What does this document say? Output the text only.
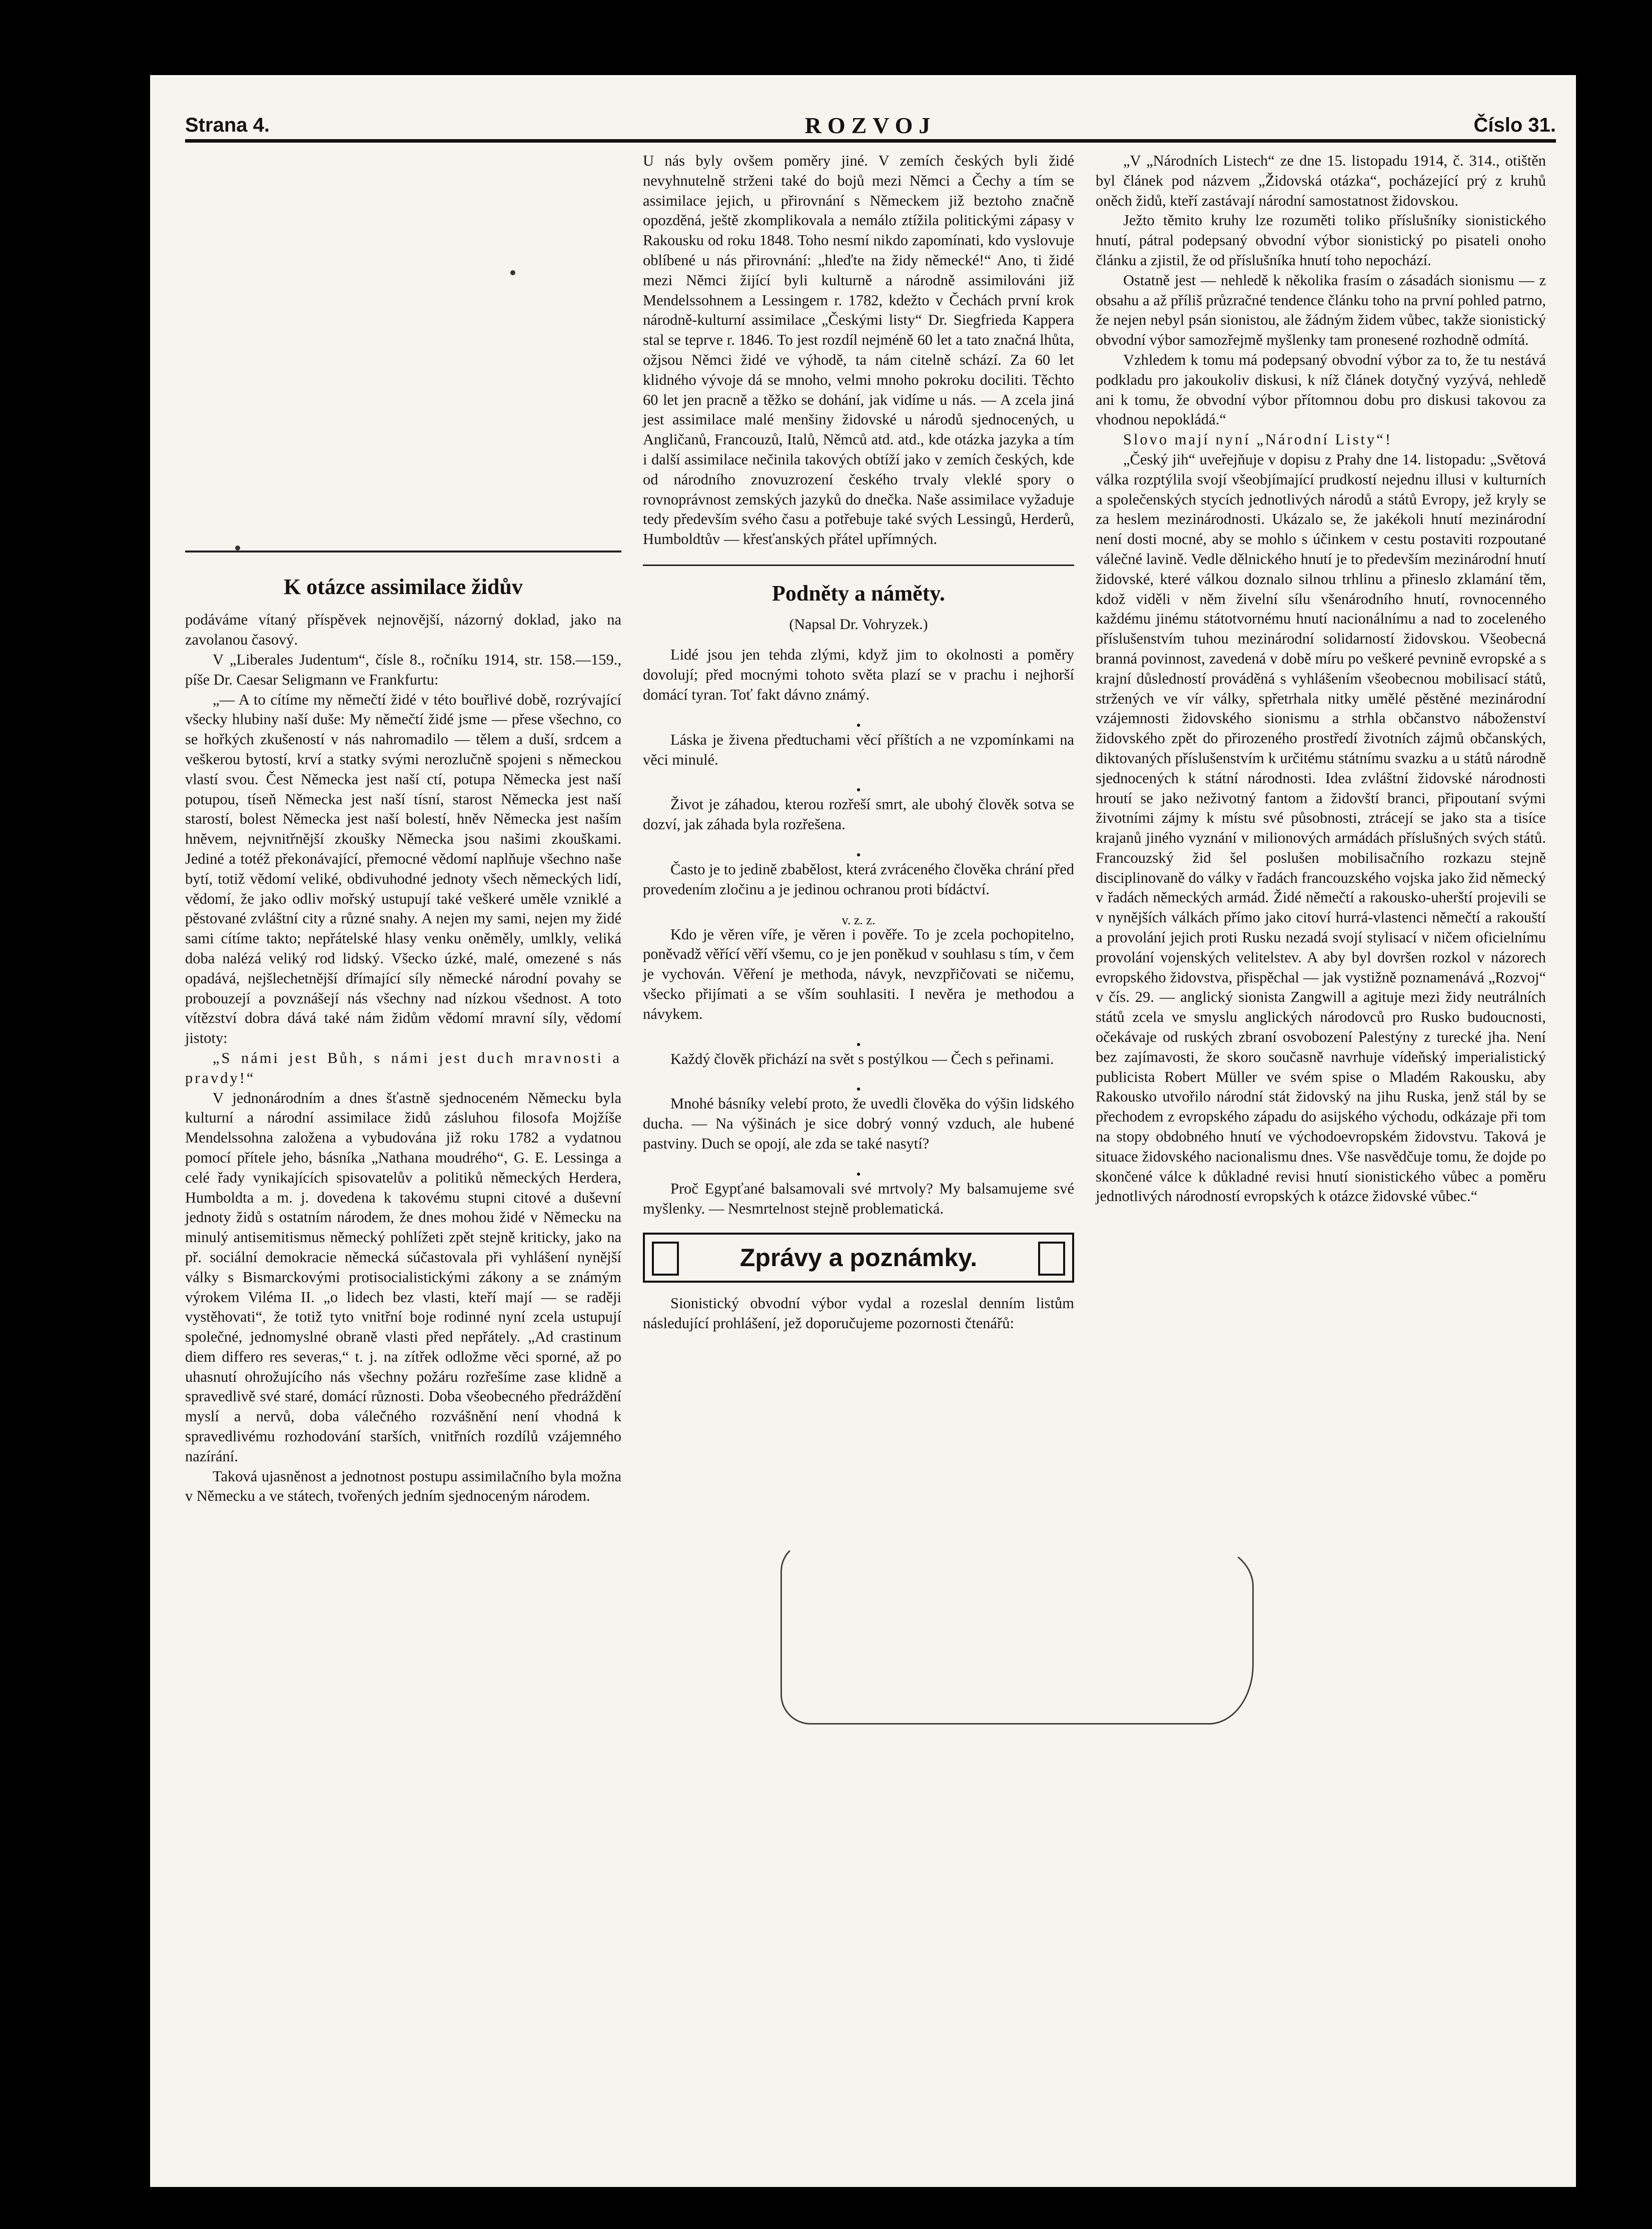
Strana 4.	ROZVOJ	Číslo 31.
K otázce assimilace židův

podáváme vítaný příspěvek nejnovější, názorný doklad, jako na zavolanou časový.

V „Liberales Judentum“, čísle 8., ročníku 1914, str. 158.—159., píše Dr. Caesar Seligmann ve Frankfurtu:

„— A to cítíme my němečtí židé v této bouřlivé době, rozrývající všecky hlubiny naší duše: My němečtí židé jsme — přese všechno, co se hořkých zkušeností v nás nahromadilo — tělem a duší, srdcem a veškerou bytostí, krví a statky svými nerozlučně spojeni s německou vlastí svou. Čest Německa jest naší ctí, potupa Německa jest naší potupou, tíseň Německa jest naší tísní, starost Německa jest naší starostí, bolest Německa jest naší bolestí, hněv Německa jest naším hněvem, nejvnitřnější zkoušky Německa jsou našimi zkouškami. Jediné a totéž překonávající, přemocné vědomí naplňuje všechno naše bytí, totiž vědomí veliké, obdivuhodné jednoty všech německých lidí, vědomí, že jako odliv mořský ustupují také veškeré uměle vzniklé a pěstované zvláštní city a různé snahy. A nejen my sami, nejen my židé sami cítíme takto; nepřátelské hlasy venku oněměly, umlkly, veliká doba nalézá veliký rod lidský. Všecko úzké, malé, omezené s nás opadává, nejšlechetnější dřímající síly německé národní povahy se probouzejí a povznášejí nás všechny nad nízkou všednost. A toto vítězství dobra dává také nám židům vědomí mravní síly, vědomí jistoty:

„S námi jest Bůh, s námi jest duch mravnosti a pravdy!“

V jednonárodním a dnes šťastně sjednoceném Německu byla kulturní a národní assimilace židů zásluhou filosofa Mojžíše Mendelssohna založena a vybudována již roku 1782 a vydatnou pomocí přítele jeho, básníka „Nathana moudrého“, G. E. Lessinga a celé řady vynikajících spisovatelův a politiků německých Herdera, Humboldta a m. j. dovedena k takovému stupni citové a duševní jednoty židů s ostatním národem, že dnes mohou židé v Německu na minulý antisemitismus německý pohlížeti zpět stejně kriticky, jako na př. sociální demokracie německá súčastovala při vyhlášení nynější války s Bismarckovými protisocialistickými zákony a se známým výrokem Viléma II. „o lidech bez vlasti, kteří mají — se raději vystěhovati“, že totiž tyto vnitřní boje rodinné nyní zcela ustupují společné, jednomyslné obraně vlasti před nepřátely. „Ad crastinum diem differo res severas,“ t. j. na zítřek odložme věci sporné, až po uhasnutí ohrožujícího nás všechny požáru rozřešíme zase klidně a spravedlivě své staré, domácí různosti. Doba všeobecného předráždění myslí a nervů, doba válečného rozvášnění není vhodná k spravedlivému rozhodování starších, vnitřních rozdílů vzájemného nazírání.

Taková ujasněnost a jednotnost postupu assimilačního byla možna v Německu a ve státech, tvořených jedním sjednoceným národem.

U nás byly ovšem poměry jiné. V zemích českých byli židé nevyhnutelně strženi také do bojů mezi Němci a Čechy a tím se assimilace jejich, u přirovnání s Německem již beztoho značně opozděná, ještě zkomplikovala a nemálo ztížila politickými zápasy v Rakousku od roku 1848. Toho nesmí nikdo zapomínati, kdo vyslovuje oblíbené u nás přirovnání: „hleďte na židy německé!“ Ano, ti židé mezi Němci žijící byli kulturně a národně assimilováni již Mendelssohnem a Lessingem r. 1782, kdežto v Čechách první krok národně-kulturní assimilace „Českými listy“ Dr. Siegfrieda Kappera stal se teprve r. 1846. To jest rozdíl nejméně 60 let a tato značná lhůta, ožjsou Němci židé ve výhodě, ta nám citelně schází. Za 60 let klidného vývoje dá se mnoho, velmi mnoho pokroku dociliti. Těchto 60 let jen pracně a těžko se dohání, jak vidíme u nás. — A zcela jiná jest assimilace malé menšiny židovské u národů sjednocených, u Angličanů, Francouzů, Italů, Němců atd. atd., kde otázka jazyka a tím i další assimilace nečinila takových obtíží jako v zemích českých, kde od národního znovuzrození českého trvaly vleklé spory o rovnoprávnost zemských jazyků do dnečka. Naše assimilace vyžaduje tedy především svého času a potřebuje také svých Lessingů, Herderů, Humboldtův — křesťanských přátel upřímných.

Podněty a náměty.
(Napsal Dr. Vohryzek.)

Lidé jsou jen tehda zlými, když jim to okolnosti a poměry dovolují; před mocnými tohoto světa plazí se v prachu i nejhorší domácí tyran. Toť fakt dávno známý.

•

Láska je živena předtuchami věcí příštích a ne vzpomínkami na věci minulé.

•

Život je záhadou, kterou rozřeší smrt, ale ubohý člověk sotva se dozví, jak záhada byla rozřešena.

•

Často je to jedině zbabělost, která zvráceného člověka chrání před provedením zločinu a je jedinou ochranou proti bídáctví.

v. z. z.

Kdo je věren víře, je věren i pověře. To je zcela pochopitelno, poněvadž věřící věří všemu, co je jen poněkud v souhlasu s tím, v čem je vychován. Věření je methoda, návyk, nevzpřičovati se ničemu, všecko přijímati a se vším souhlasiti. I nevěra je methodou a návykem.

•

Každý člověk přichází na svět s postýlkou — Čech s peřinami.

•

Mnohé básníky velebí proto, že uvedli člověka do výšin lidského ducha. — Na výšinách je sice dobrý vonný vzduch, ale hubené pastviny. Duch se opojí, ale zda se také nasytí?

•

Proč Egypťané balsamovali své mrtvoly? My balsamujeme své myšlenky. — Nesmrtelnost stejně problematická.

Zprávy a poznámky.

Sionistický obvodní výbor vydal a rozeslal denním listům následující prohlášení, jež doporučujeme pozornosti čtenářů:

„V „Národních Listech“ ze dne 15. listopadu 1914, č. 314., otištěn byl článek pod názvem „Židovská otázka“, pocházející prý z kruhů oněch židů, kteří zastávají národní samostatnost židovskou.

Ježto těmito kruhy lze rozuměti toliko příslušníky sionistického hnutí, pátral podepsaný obvodní výbor sionistický po pisateli onoho článku a zjistil, že od příslušníka hnutí toho nepochází.

Ostatně jest — nehledě k několika frasím o zásadách sionismu — z obsahu a až příliš průzračné tendence článku toho na první pohled patrno, že nejen nebyl psán sionistou, ale žádným židem vůbec, takže sionistický obvodní výbor samozřejmě myšlenky tam pronesené rozhodně odmítá.

Vzhledem k tomu má podepsaný obvodní výbor za to, že tu nestává podkladu pro jakoukoliv diskusi, k níž článek dotyčný vyzývá, nehledě ani k tomu, že obvodní výbor přítomnou dobu pro diskusi takovou za vhodnou nepokládá.“

Slovo mají nyní „Národní Listy“!

„Český jih“ uveřejňuje v dopisu z Prahy dne 14. listopadu: „Světová válka rozptýlila svojí všeobjímající prudkostí nejednu illusi v kulturních a společenských stycích jednotlivých národů a států Evropy, jež kryly se za heslem mezinárodnosti. Ukázalo se, že jakékoli hnutí mezinárodní není dosti mocné, aby se mohlo s účinkem v cestu postaviti rozpoutané válečné lavině. Vedle dělnického hnutí je to především mezinárodní hnutí židovské, které válkou doznalo silnou trhlinu a přineslo zklamání těm, kdož viděli v něm živelní sílu všenárodního hnutí, rovnocenného každému jinému státotvornému hnutí nacionálnímu a nad to zoceleného příslušenstvím tuhou mezinárodní solidarností židovskou. Všeobecná branná povinnost, zavedená v době míru po veškeré pevnině evropské a s krajní důsledností prováděná s vyhlášením všeobecnou mobilisací států, stržených ve vír války, spřetrhala nitky umělé pěstěné mezinárodní vzájemnosti židovského sionismu a strhla občanstvo náboženství židovského zpět do přirozeného prostředí životních zájmů občanských, diktovaných příslušenstvím k určitému státnímu svazku a u států národně sjednocených k státní národnosti. Idea zvláštní židovské národnosti hroutí se jako neživotný fantom a židovští branci, připoutaní svými životními zájmy k místu své působnosti, ztrácejí se jako sta a tisíce krajanů jiného vyznání v milionových armádách příslušných svých států. Francouzský žid šel poslušen mobilisačního rozkazu stejně disciplinovaně do války v řadách francouzského vojska jako žid německý v řadách německých armád. Židé němečtí a rakousko-uherští projevili se v nynějších válkách přímo jako citoví hurrá-vlastenci němečtí a rakouští a provolání jejich proti Rusku nezadá svojí stylisací v ničem oficielnímu provolání vojenských velitelstev. A aby byl dovršen rozkol v názorech evropského židovstva, přispěchal — jak vystižně poznamenává „Rozvoj“ v čís. 29. — anglický sionista Zangwill a agituje mezi židy neutrálních států zcela ve smyslu anglických národovců pro Rusko budoucnosti, očekávaje od ruských zbraní osvobození Palestýny z turecké jha. Není bez zajímavosti, že skoro současně navrhuje vídeňský imperialistický publicista Robert Müller ve svém spise o Mladém Rakousku, aby Rakousko utvořilo národní stát židovský na jihu Ruska, jenž stál by se přechodem z evropského západu do asijského východu, odkázaje při tom na stopy obdobného hnutí ve východoevropském židovstvu. Taková je situace židovského nacionalismu dnes. Vše nasvědčuje tomu, že dojde po skončené válce k důkladné revisi hnutí sionistického vůbec a poměru jednotlivých národností evropských k otázce židovské vůbec.“
